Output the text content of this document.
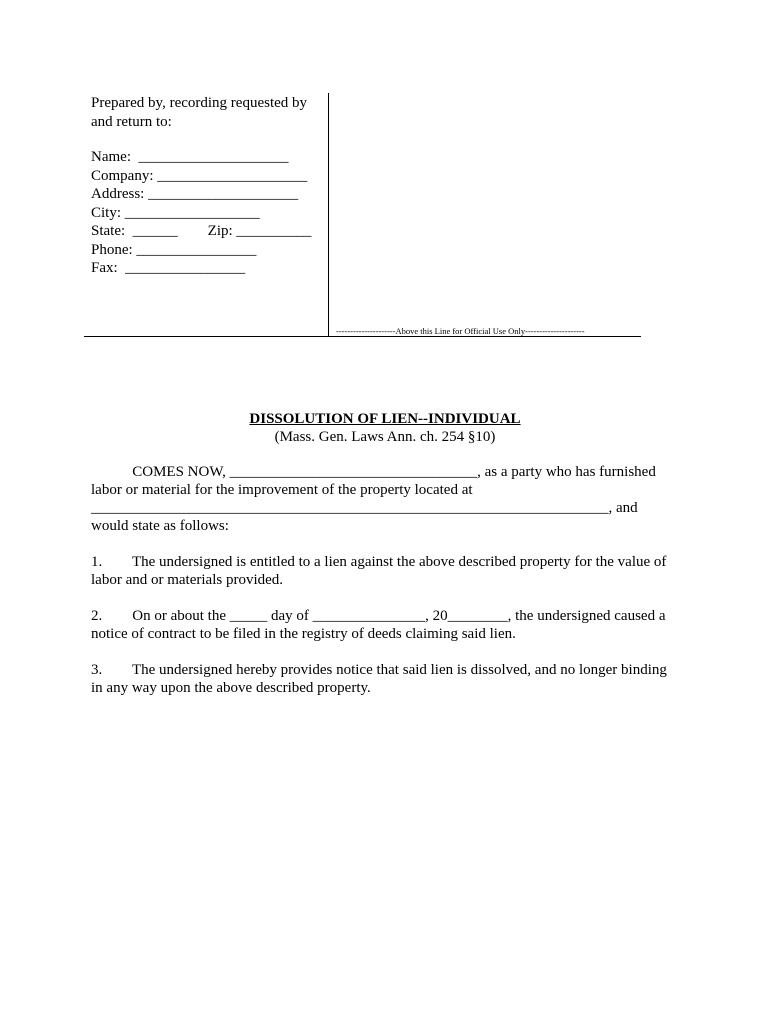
Prepared by, recording requested by
and return to:
Name:  ____________________
Company: ____________________
Address: ____________________
City: __________________
State:  ______        Zip: __________
Phone: ________________
Fax:  ________________
---------------------Above this Line for Official Use Only---------------------
DISSOLUTION OF LIEN--INDIVIDUAL
(Mass. Gen. Laws Ann. ch. 254 §10)
COMES NOW, _________________________________, as a party who has furnished
labor or material for the improvement of the property located at
_____________________________________________________________________, and
would state as follows:
1.        The undersigned is entitled to a lien against the above described property for the value of
labor and or materials provided.
2.        On or about the _____ day of _______________, 20________, the undersigned caused a
notice of contract to be filed in the registry of deeds claiming said lien.
3.        The undersigned hereby provides notice that said lien is dissolved, and no longer binding
in any way upon the above described property.
